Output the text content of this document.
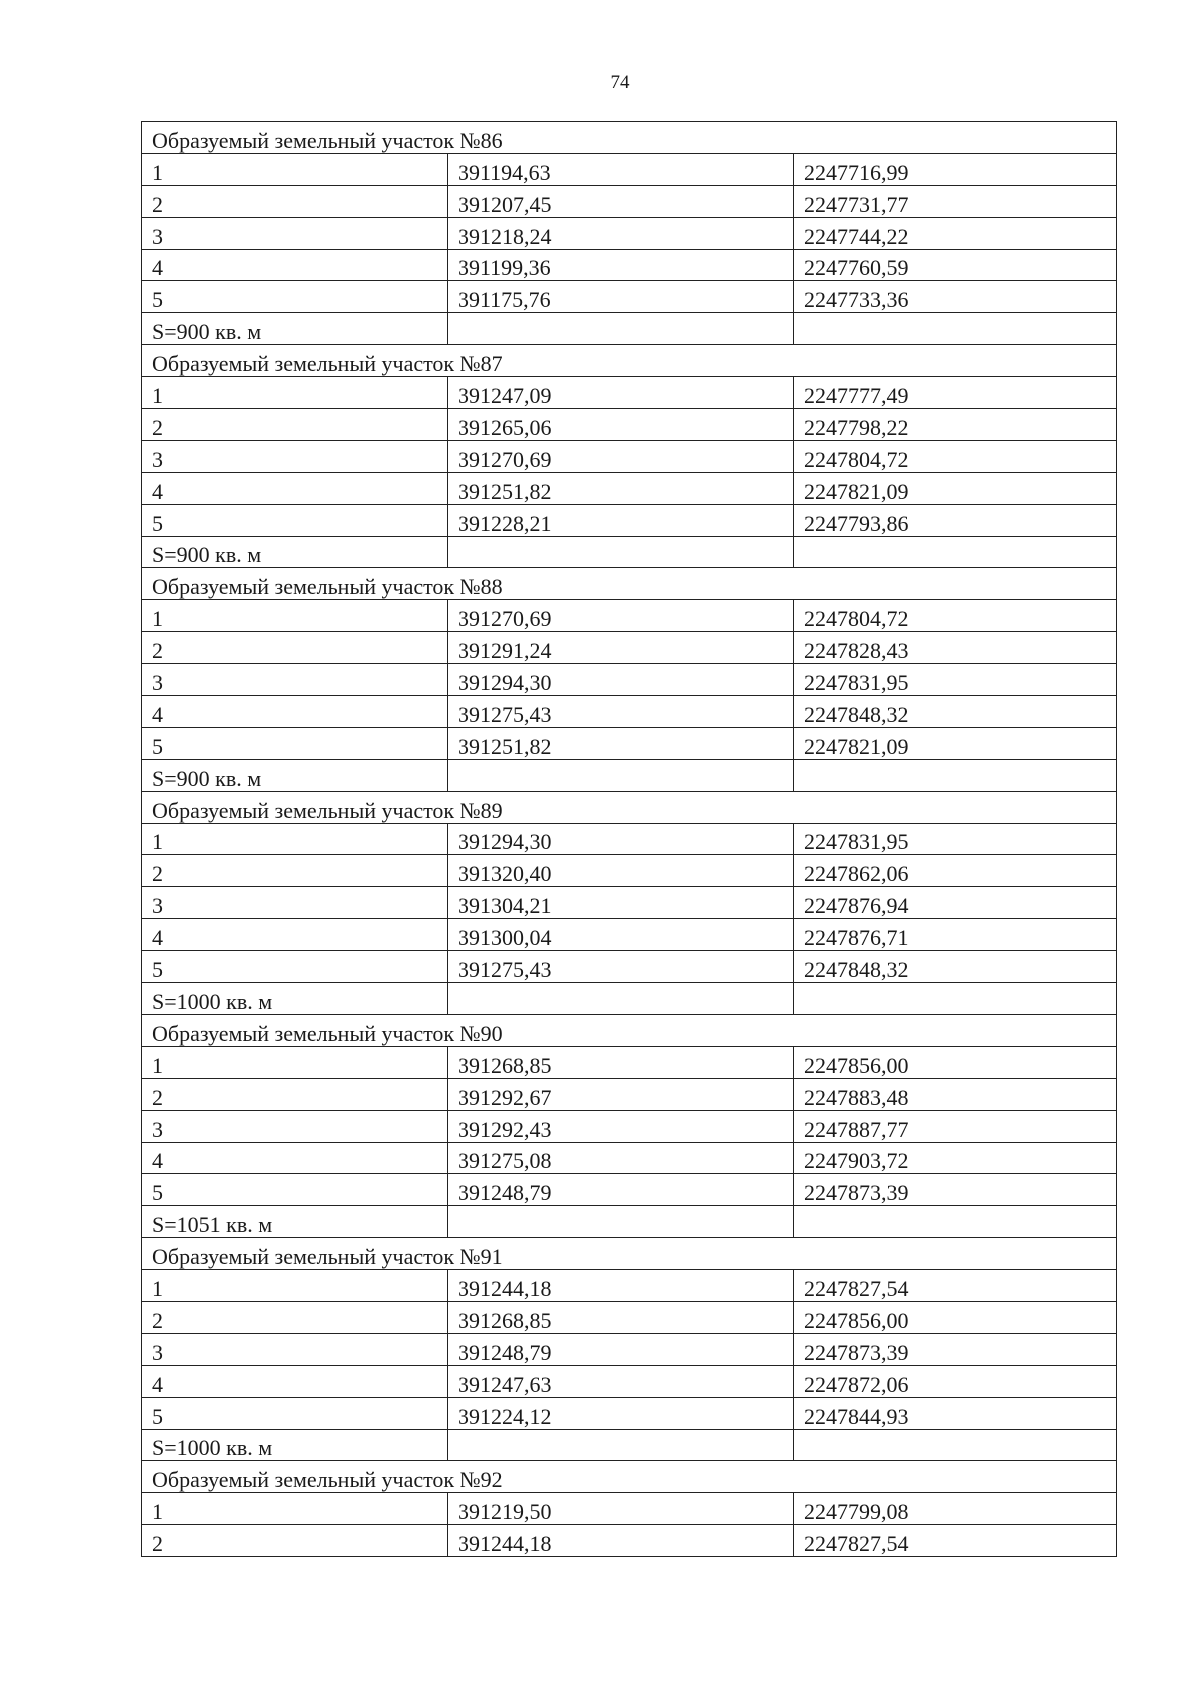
74
Образуемый земельный участок №86		
1	391194,63	2247716,99
2	391207,45	2247731,77
3	391218,24	2247744,22
4	391199,36	2247760,59
5	391175,76	2247733,36
S=900 кв. м		
Образуемый земельный участок №87		
1	391247,09	2247777,49
2	391265,06	2247798,22
3	391270,69	2247804,72
4	391251,82	2247821,09
5	391228,21	2247793,86
S=900 кв. м		
Образуемый земельный участок №88		
1	391270,69	2247804,72
2	391291,24	2247828,43
3	391294,30	2247831,95
4	391275,43	2247848,32
5	391251,82	2247821,09
S=900 кв. м		
Образуемый земельный участок №89		
1	391294,30	2247831,95
2	391320,40	2247862,06
3	391304,21	2247876,94
4	391300,04	2247876,71
5	391275,43	2247848,32
S=1000 кв. м		
Образуемый земельный участок №90		
1	391268,85	2247856,00
2	391292,67	2247883,48
3	391292,43	2247887,77
4	391275,08	2247903,72
5	391248,79	2247873,39
S=1051 кв. м		
Образуемый земельный участок №91		
1	391244,18	2247827,54
2	391268,85	2247856,00
3	391248,79	2247873,39
4	391247,63	2247872,06
5	391224,12	2247844,93
S=1000 кв. м		
Образуемый земельный участок №92		
1	391219,50	2247799,08
2	391244,18	2247827,54
